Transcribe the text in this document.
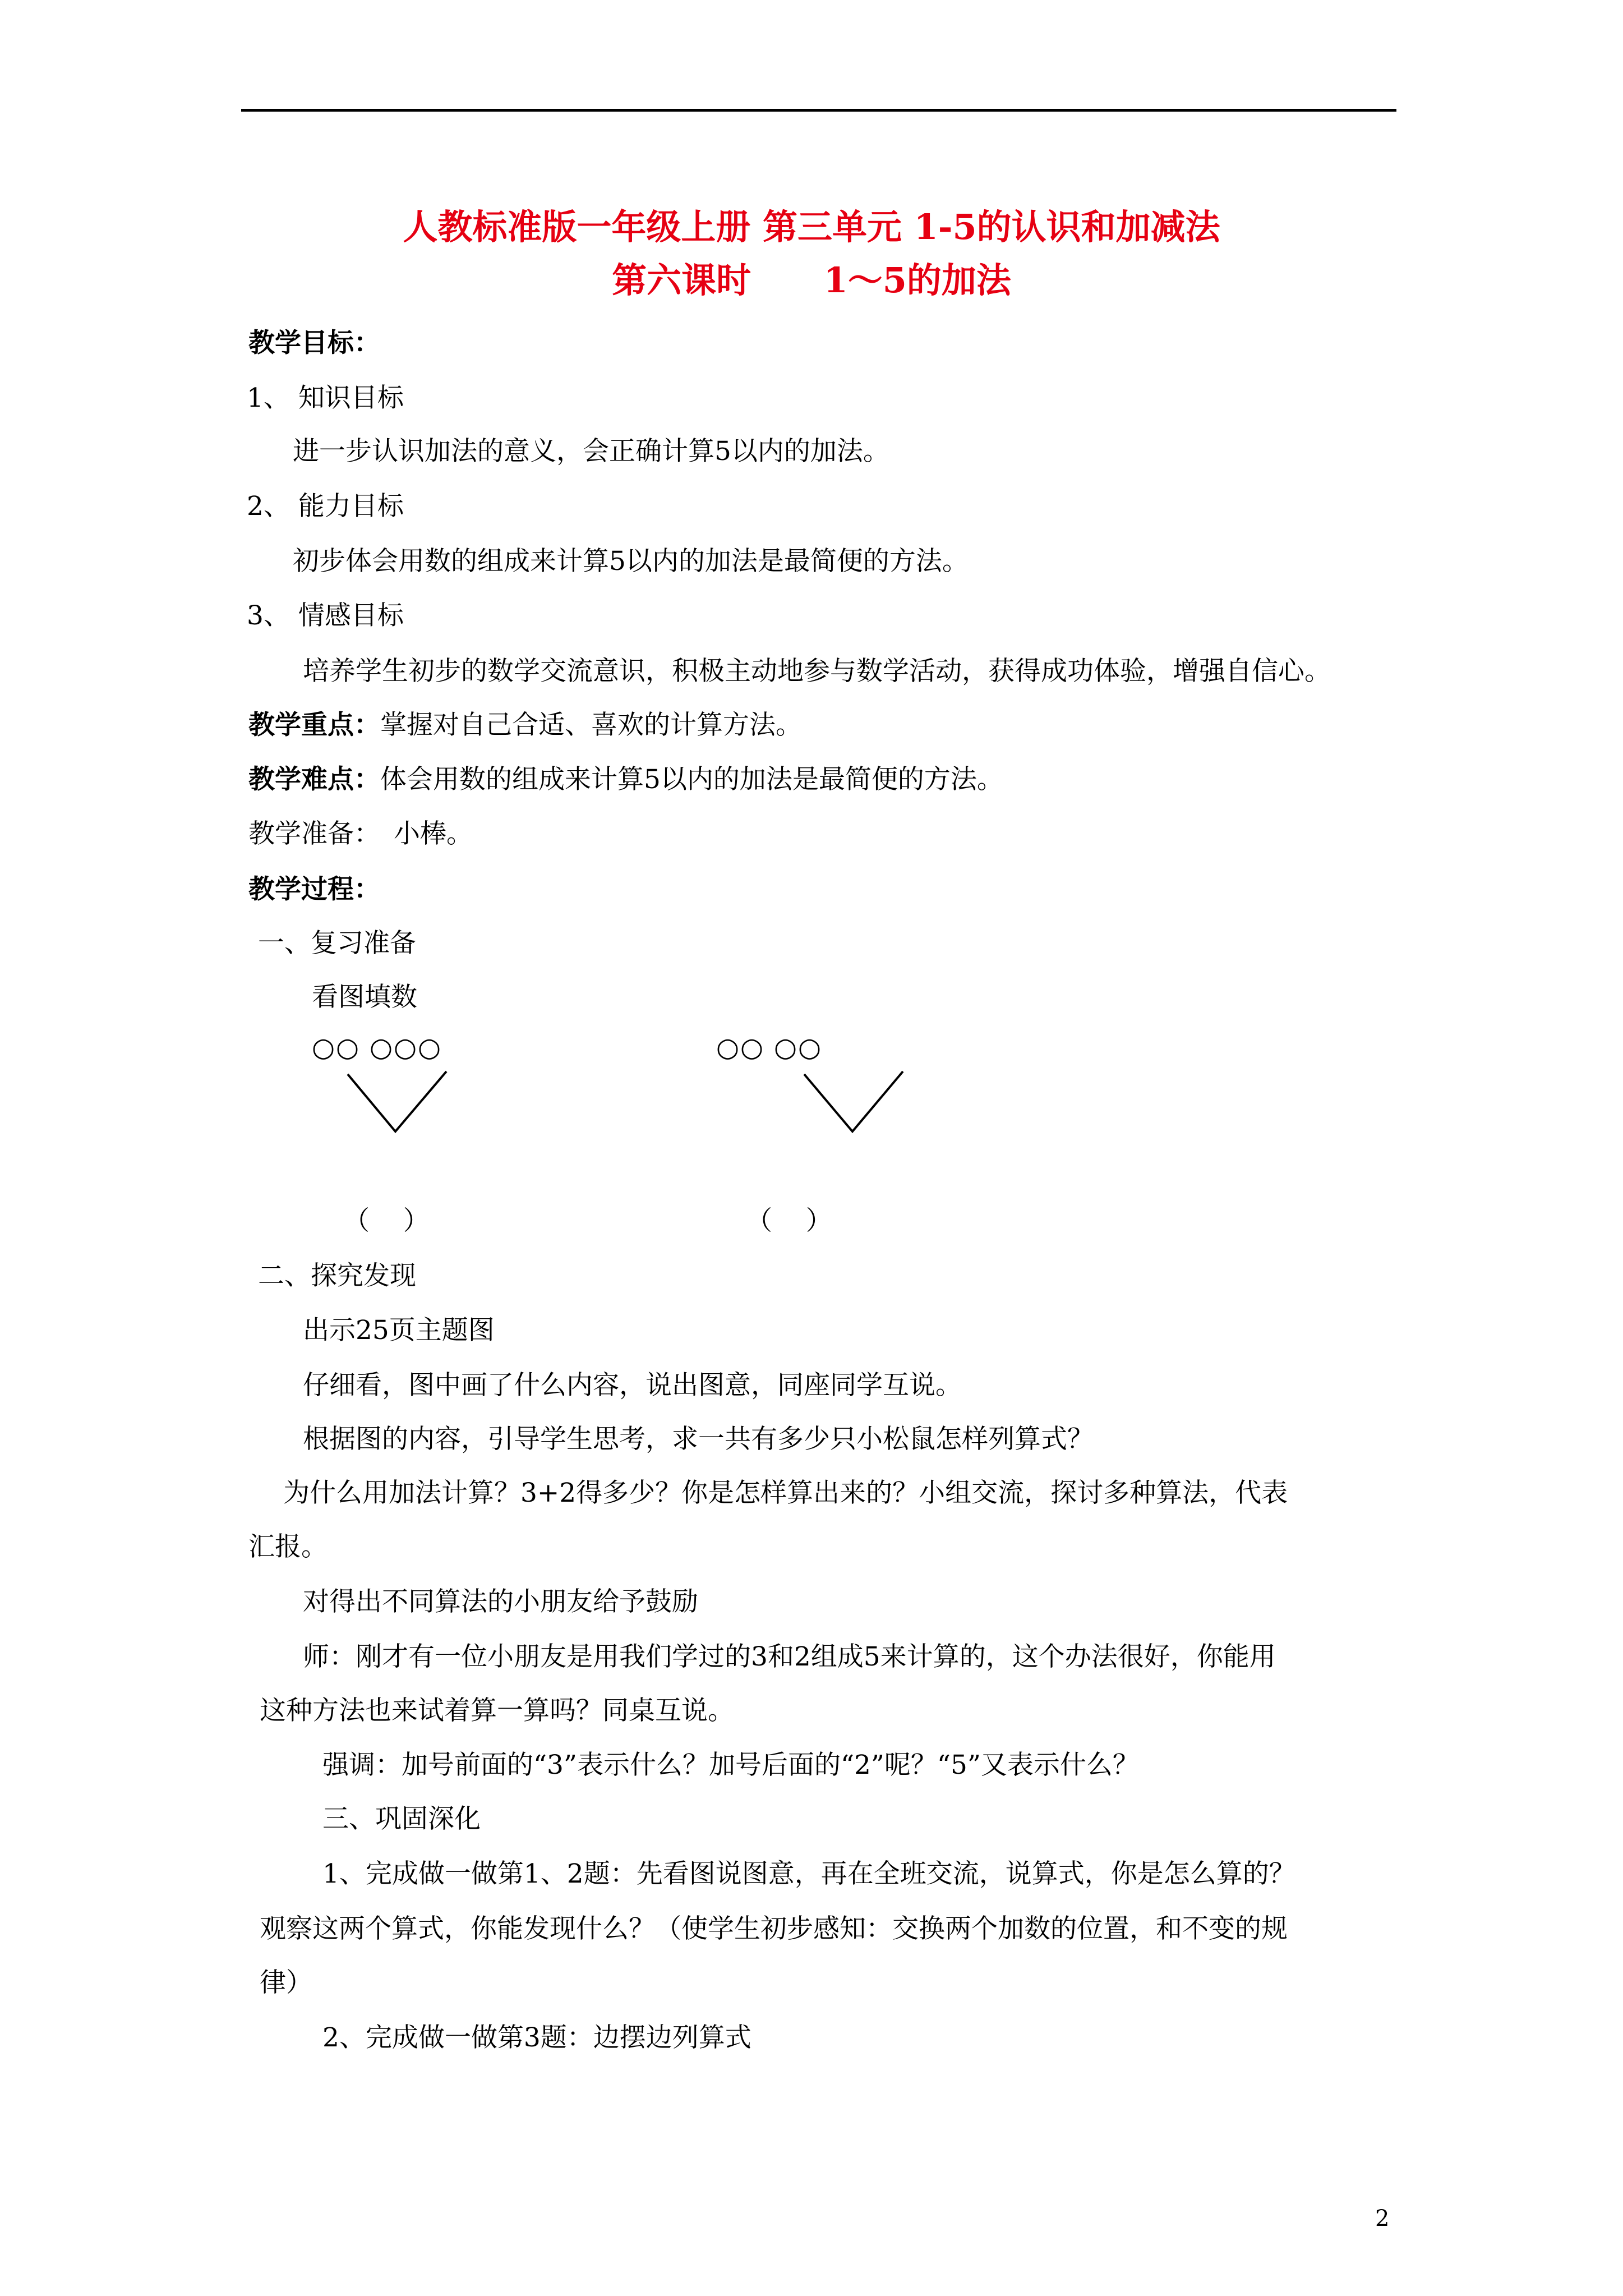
人教标准版一年级上册 第三单元 1-5的认识和加减法
第六课时      1～5的加法
教学目标：
1、 知识目标
进一步认识加法的意义，会正确计算5以内的加法。
2、 能力目标
初步体会用数的组成来计算5以内的加法是最简便的方法。
3、 情感目标
培养学生初步的数学交流意识，积极主动地参与数学活动，获得成功体验，增强自信心。
教学重点：掌握对自己合适、喜欢的计算方法。
教学难点：体会用数的组成来计算5以内的加法是最简便的方法。
教学准备： 小棒。
教学过程：
一、复习准备
看图填数
○○ ○○○	○○ ○○
（    ）	（    ）
二、探究发现
出示25页主题图
仔细看，图中画了什么内容，说出图意，同座同学互说。
根据图的内容，引导学生思考，求一共有多少只小松鼠怎样列算式？
为什么用加法计算？3+2得多少？你是怎样算出来的？小组交流，探讨多种算法，代表
汇报。
对得出不同算法的小朋友给予鼓励
师：刚才有一位小朋友是用我们学过的3和2组成5来计算的，这个办法很好，你能用
这种方法也来试着算一算吗？同桌互说。
强调：加号前面的“3”表示什么？加号后面的“2”呢？“5”又表示什么？
三、巩固深化
1、完成做一做第1、2题：先看图说图意，再在全班交流，说算式，你是怎么算的？
观察这两个算式，你能发现什么？（使学生初步感知：交换两个加数的位置，和不变的规
律）
2、完成做一做第3题：边摆边列算式
2
